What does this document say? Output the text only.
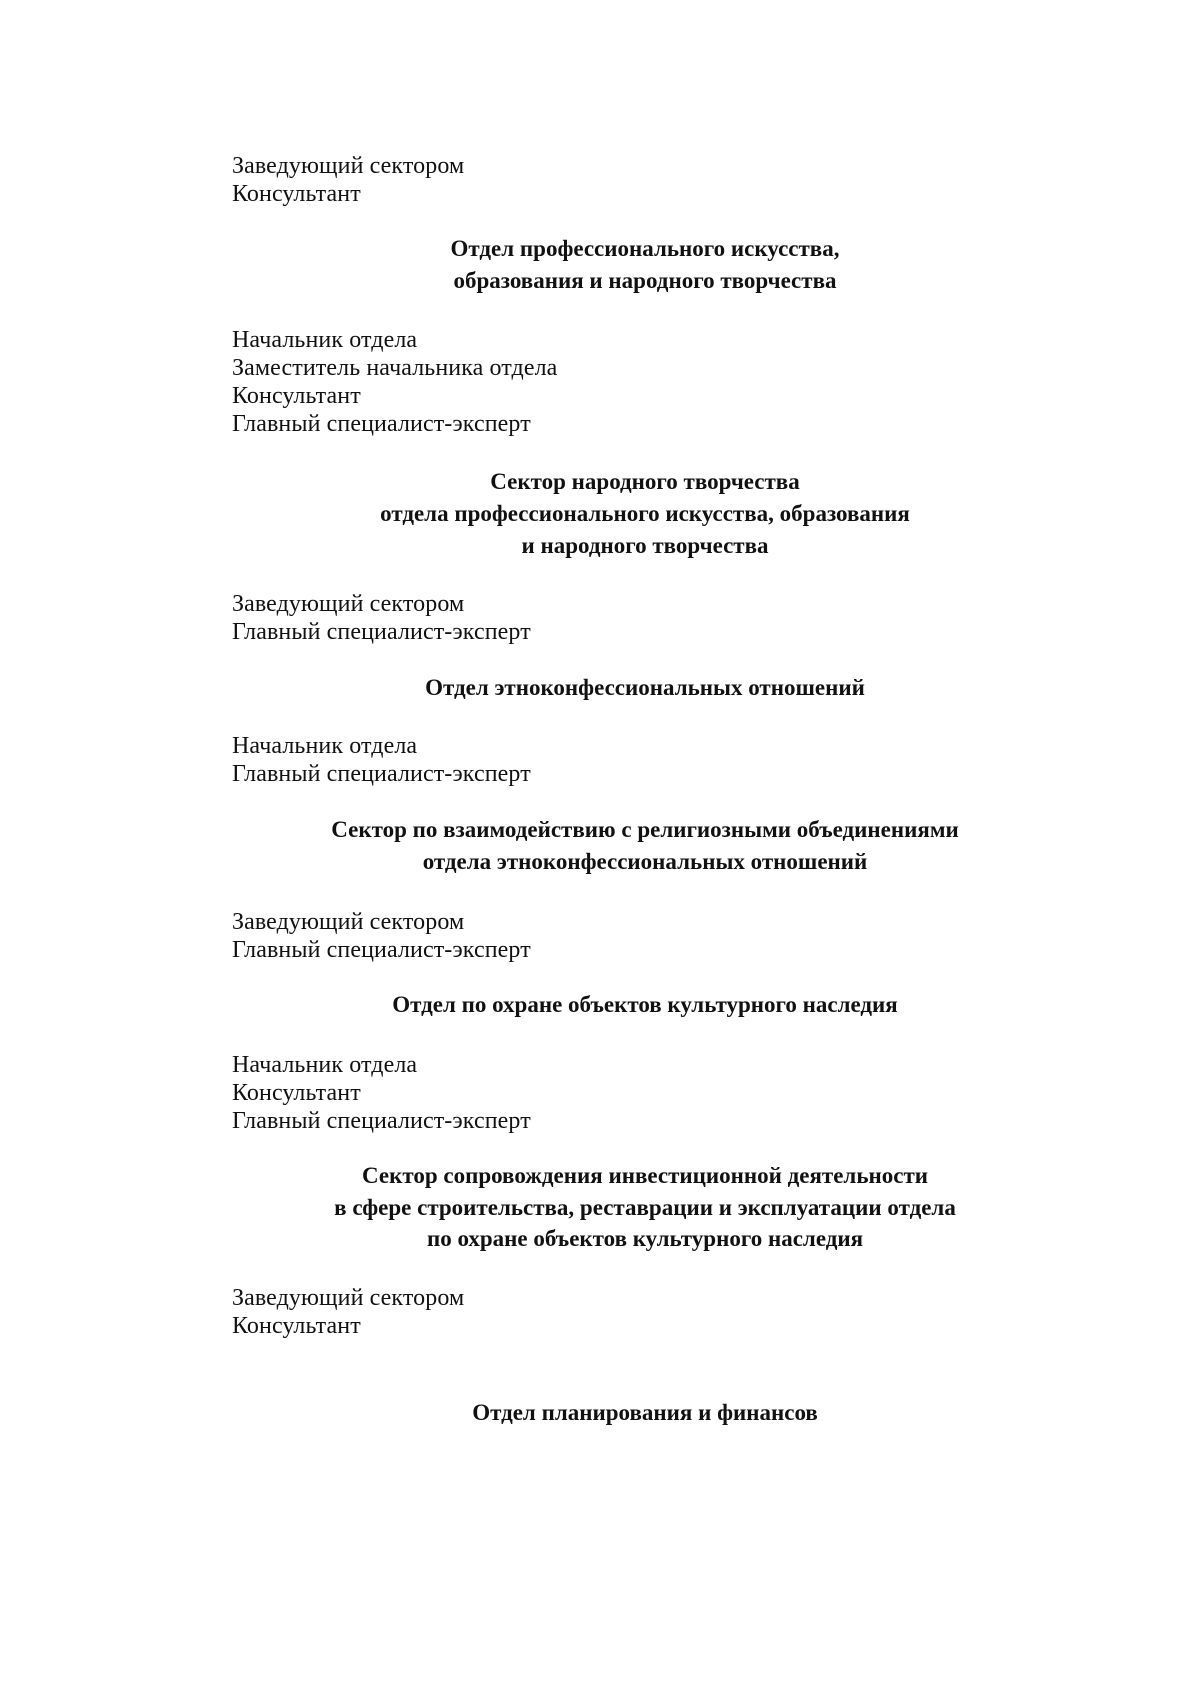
Заведующий сектором
Консультант
Отдел профессионального искусства,
образования и народного творчества
Начальник отдела
Заместитель начальника отдела
Консультант
Главный специалист-эксперт
Сектор народного творчества
отдела профессионального искусства, образования
и народного творчества
Заведующий сектором
Главный специалист-эксперт
Отдел этноконфессиональных отношений
Начальник отдела
Главный специалист-эксперт
Сектор по взаимодействию с религиозными объединениями
отдела этноконфессиональных отношений
Заведующий сектором
Главный специалист-эксперт
Отдел по охране объектов культурного наследия
Начальник отдела
Консультант
Главный специалист-эксперт
Сектор сопровождения инвестиционной деятельности
в сфере строительства, реставрации и эксплуатации отдела
по охране объектов культурного наследия
Заведующий сектором
Консультант
Отдел планирования и финансов
